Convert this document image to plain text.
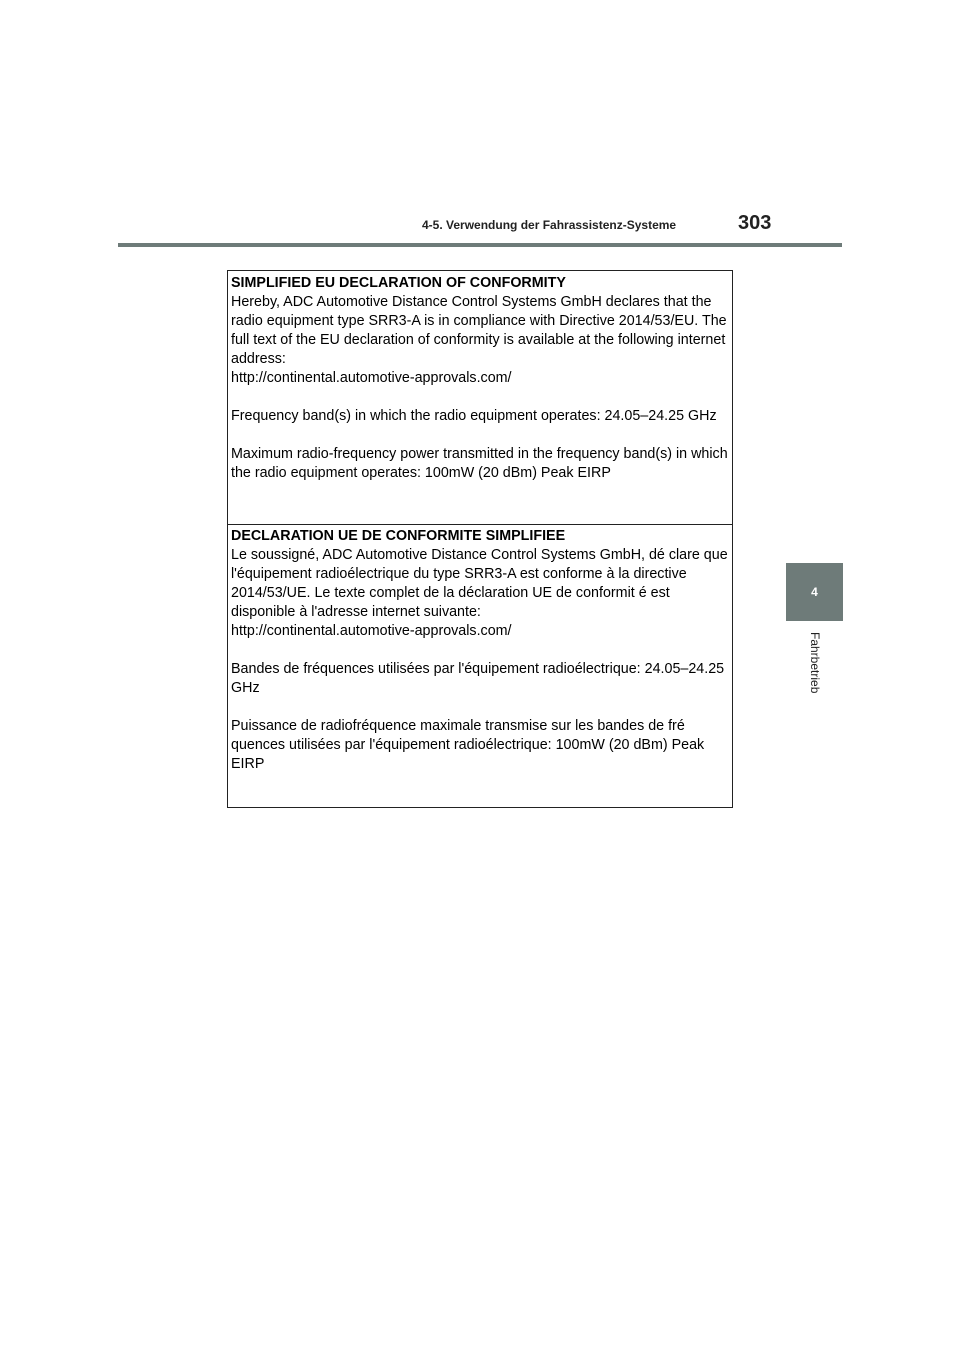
4-5. Verwendung der Fahrassistenz-Systeme	303
4
Fahrbetrieb
SIMPLIFIED EU DECLARATION OF CONFORMITY

Hereby, ADC Automotive Distance Control Systems GmbH declares that the radio equipment type SRR3-A is in compliance with Directive 2014/53/EU. The full text of the EU declaration of conformity is available at the following internet address:
http://continental.automotive-approvals.com/

Frequency band(s) in which the radio equipment operates: 24.05–24.25 GHz

Maximum radio-frequency power transmitted in the frequency band(s) in which the radio equipment operates: 100mW (20 dBm) Peak EIRP

DECLARATION UE DE CONFORMITE SIMPLIFIEE

Le soussigné, ADC Automotive Distance Control Systems GmbH, dé clare que l'équipement radioélectrique du type SRR3-A est conforme à la directive 2014/53/UE. Le texte complet de la déclaration UE de conformit é est disponible à l'adresse internet suivante:
http://continental.automotive-approvals.com/

Bandes de fréquences utilisées par l'équipement radioélectrique: 24.05–24.25 GHz

Puissance de radiofréquence maximale transmise sur les bandes de fré quences utilisées par l'équipement radioélectrique: 100mW (20 dBm) Peak EIRP
